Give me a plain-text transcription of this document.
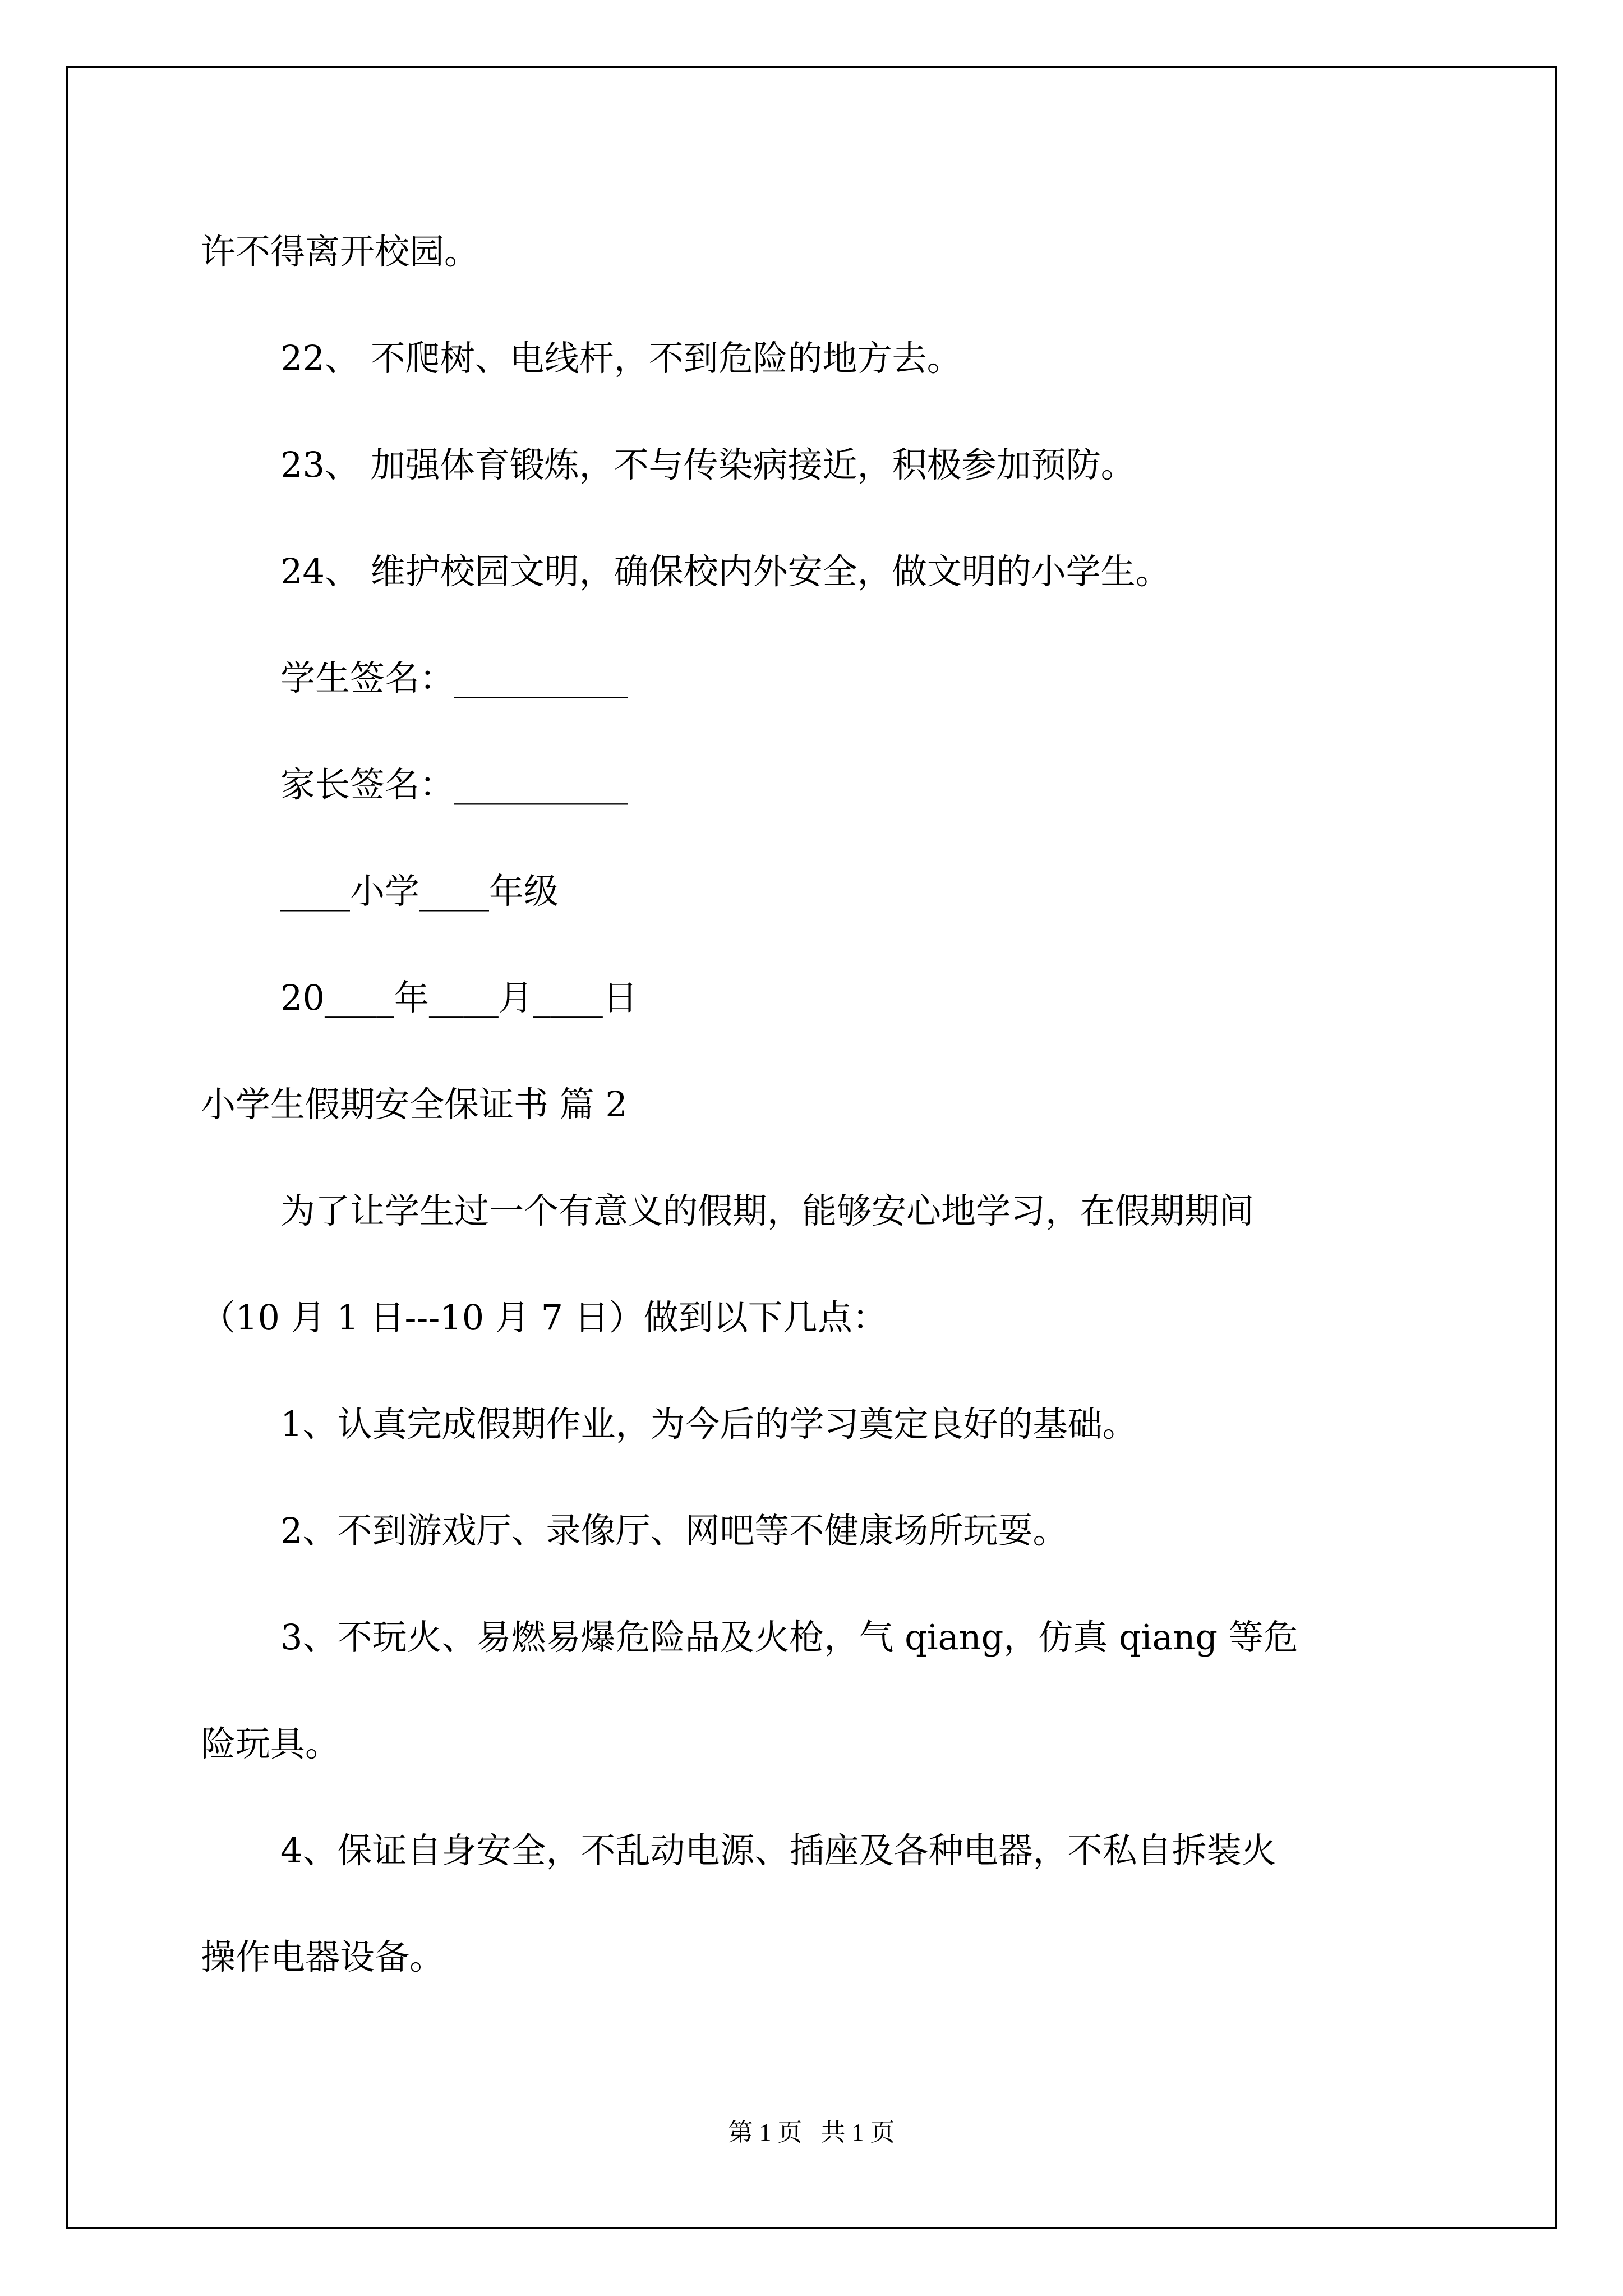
许不得离开校园。
22、 不爬树、电线杆，不到危险的地方去。
23、 加强体育锻炼，不与传染病接近，积极参加预防。
24、 维护校园文明，确保校内外安全，做文明的小学生。
学生签名：__________
家长签名：__________
____小学____年级
20____年____月____日
小学生假期安全保证书 篇 2
为了让学生过一个有意义的假期，能够安心地学习，在假期期间
（10 月 1 日---10 月 7 日）做到以下几点：
1、认真完成假期作业，为今后的学习奠定良好的基础。
2、不到游戏厅、录像厅、网吧等不健康场所玩耍。
3、不玩火、易燃易爆危险品及火枪，气 qiang，仿真 qiang 等危
险玩具。
4、保证自身安全，不乱动电源、插座及各种电器，不私自拆装火
操作电器设备。
第 1 页   共 1 页
